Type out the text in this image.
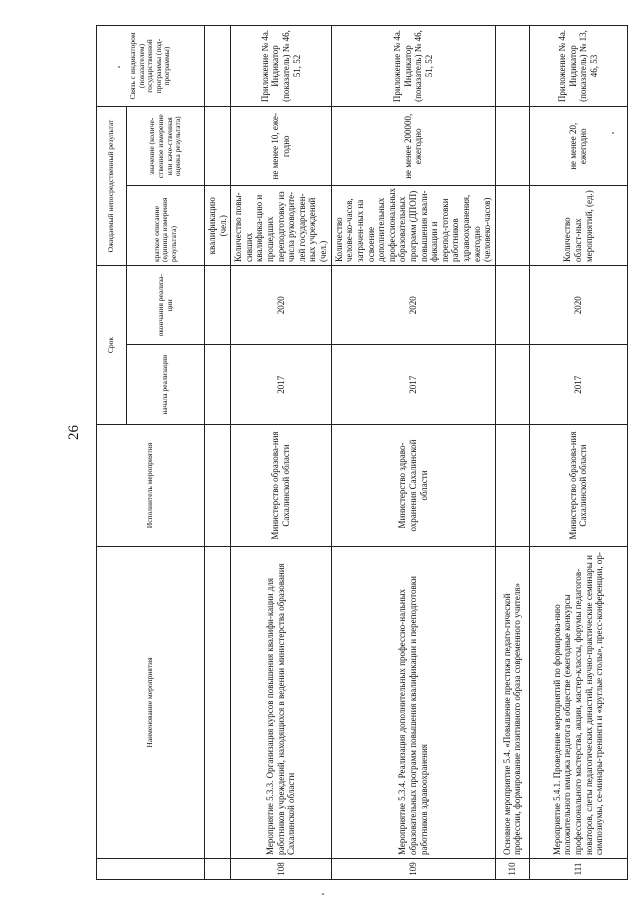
26
	Наименование мероприятия	Исполнитель мероприятия	Срок		Ожидаемый непосредственный результат		Связь с индикатором (показателем) государственной программы (под-программы)
			начала реализации	окончания реализа-ции	краткое описание (единица измерения результата)	значение (количе-ственное измерение или каче-ственная оценка результата)	
					квалификацию (чел.)		
108	Мероприятие 5.3.3. Организация курсов повышения квалифи-кации для работников учреждений, находящихся в ведении министерства образования Сахалинской области	Министерство образова-ния Сахалинской области	2017	2020	Количество повы-сивших квалифика-цию и прошедших переподготовку из числа руководите-лей государствен-ных учреждений (чел.)	не менее 10, еже-годно	Приложение № 4а. Индикатор (показатель) № 46, 51, 52
109	Мероприятие 5.3.4. Реализация дополнительных профессио-нальных образовательных программ повышения квалификации и переподготовки работников здравоохранения	Министерство здраво-охранения Сахалинской области	2017	2020	Количество челове-ко-часов, затрачен-ных на освоение дополнительных профессиональных образовательных программ (ДПОП) повышения квали-фикации и перепод-готовки работников здравоохранения, ежегодно (человеко-часов)	не менее 200000, ежегодно	Приложение № 4а. Индикатор (показатель) № 46, 51, 52
110	Основное мероприятие 5.4. «Повышение престижа педаго-гической профессии, формирование позитивного образа современного учителя»						
111	Мероприятие 5.4.1. Проведение мероприятий по формирова-нию положительного имиджа педагога в обществе (ежегодные конкурсы профессионального мастерства, акции, мастер-классы, форумы педагогов-новаторов, слеты педагогических династий, научно-практические семинары и симпозиумы, се-минары-тренинги и «круглые столы», пресс-конференции, ор-	Министерство образова-ния Сахалинской области	2017	2020	Количество област-ных мероприятий, (ед.)	не менее 20, ежегодно	Приложение № 4а. Индикатор (показатель) № 13, 46, 53
